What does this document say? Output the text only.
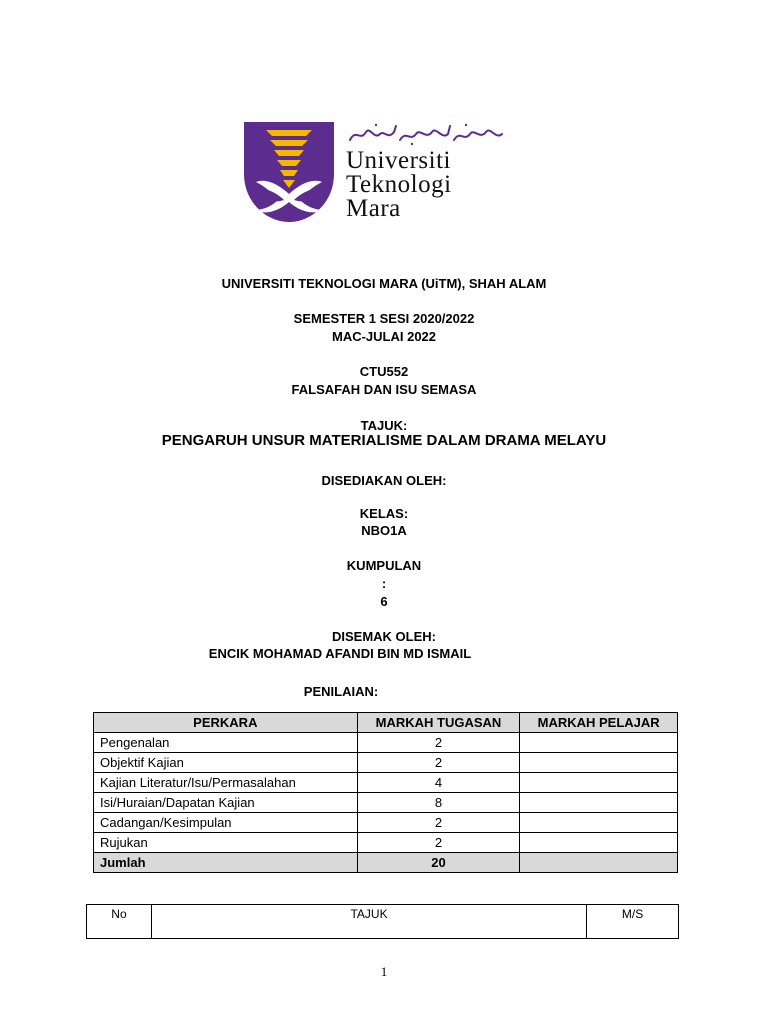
Universiti
Teknologi
Mara
UNIVERSITI TEKNOLOGI MARA (UiTM), SHAH ALAM
SEMESTER 1 SESI 2020/2022
MAC-JULAI 2022
CTU552
FALSAFAH DAN ISU SEMASA
TAJUK:
PENGARUH UNSUR MATERIALISME DALAM DRAMA MELAYU
DISEDIAKAN OLEH:
KELAS:
NBO1A
KUMPULAN
:
6
DISEMAK OLEH:
ENCIK MOHAMAD AFANDI BIN MD ISMAIL
PENILAIAN:
PERKARA	MARKAH TUGASAN	MARKAH PELAJAR
Pengenalan	2	
Objektif Kajian	2	
Kajian Literatur/Isu/Permasalahan	4	
Isi/Huraian/Dapatan Kajian	8	
Cadangan/Kesimpulan	2	
Rujukan	2	
Jumlah	20	
No	TAJUK	M/S
1
